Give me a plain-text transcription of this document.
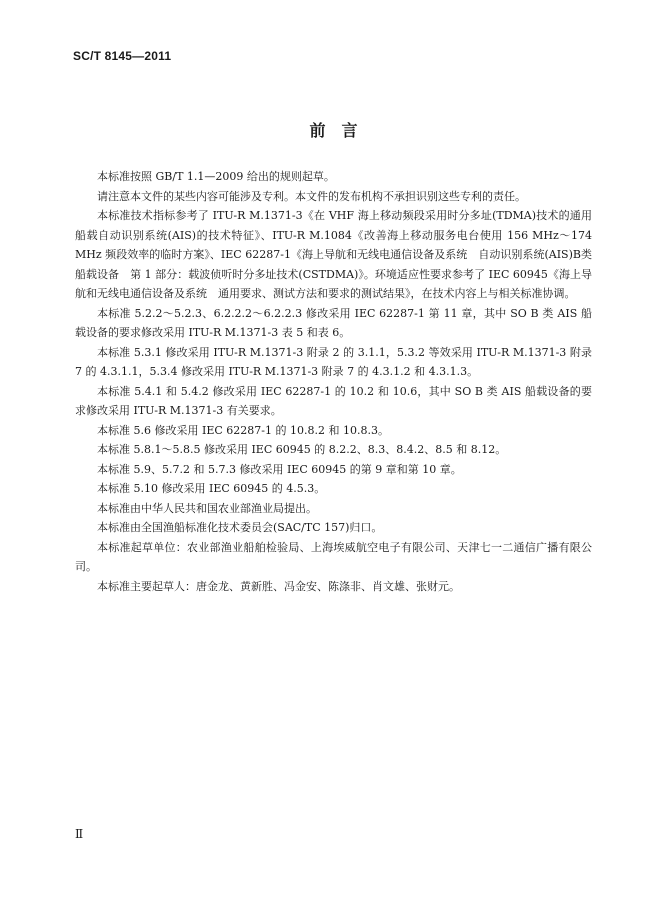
SC/T 8145—2011
前　言

本标准按照 GB/T 1.1—2009 给出的规则起草。

请注意本文件的某些内容可能涉及专利。本文件的发布机构不承担识别这些专利的责任。

本标准技术指标参考了 ITU-R M.1371-3《在 VHF 海上移动频段采用时分多址(TDMA)技术的通用船载自动识别系统(AIS)的技术特征》、ITU-R M.1084《改善海上移动服务电台使用 156 MHz～174 MHz 频段效率的临时方案》、IEC 62287-1《海上导航和无线电通信设备及系统　自动识别系统(AIS)B类船载设备　第 1 部分：载波侦听时分多址技术(CSTDMA)》。环境适应性要求参考了 IEC 60945《海上导航和无线电通信设备及系统　通用要求、测试方法和要求的测试结果》，在技术内容上与相关标准协调。

本标准 5.2.2～5.2.3、6.2.2.2～6.2.2.3 修改采用 IEC 62287-1 第 11 章，其中 SO B 类 AIS 船载设备的要求修改采用 ITU-R M.1371-3 表 5 和表 6。

本标准 5.3.1 修改采用 ITU-R M.1371-3 附录 2 的 3.1.1，5.3.2 等效采用 ITU-R M.1371-3 附录 7 的 4.3.1.1，5.3.4 修改采用 ITU-R M.1371-3 附录 7 的 4.3.1.2 和 4.3.1.3。

本标准 5.4.1 和 5.4.2 修改采用 IEC 62287-1 的 10.2 和 10.6，其中 SO B 类 AIS 船载设备的要求修改采用 ITU-R M.1371-3 有关要求。

本标准 5.6 修改采用 IEC 62287-1 的 10.8.2 和 10.8.3。

本标准 5.8.1～5.8.5 修改采用 IEC 60945 的 8.2.2、8.3、8.4.2、8.5 和 8.12。

本标准 5.9、5.7.2 和 5.7.3 修改采用 IEC 60945 的第 9 章和第 10 章。

本标准 5.10 修改采用 IEC 60945 的 4.5.3。

本标准由中华人民共和国农业部渔业局提出。

本标准由全国渔船标准化技术委员会(SAC/TC 157)归口。

本标准起草单位：农业部渔业船舶检验局、上海埃威航空电子有限公司、天津七一二通信广播有限公司。

本标准主要起草人：唐金龙、黄新胜、冯金安、陈涤非、肖文雄、张财元。

Ⅱ
